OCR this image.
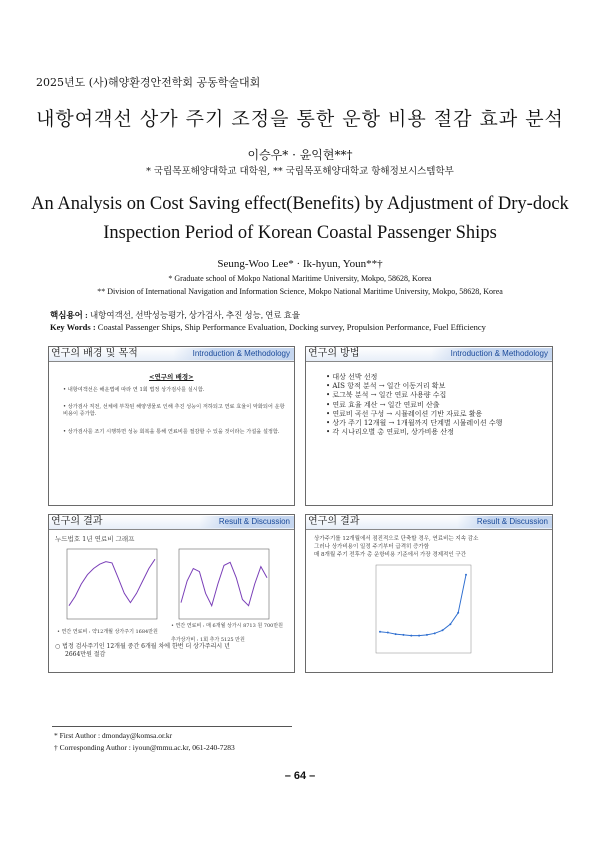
2025년도 (사)해양환경안전학회 공동학술대회
내항여객선 상가 주기 조정을 통한 운항 비용 절감 효과 분석
이승우* · 윤익현**†
* 국립목포해양대학교 대학원, ** 국립목포해양대학교 항해정보시스템학부
An Analysis on Cost Saving effect(Benefits) by Adjustment of Dry-dock
Inspection Period of Korean Coastal Passenger Ships
Seung-Woo Lee* · Ik-hyun, Youn**†
* Graduate school of Mokpo National Maritime University, Mokpo, 58628, Korea
** Division of International Navigation and Information Science, Mokpo National Maritime University, Mokpo, 58628, Korea
핵심용어 : 내항여객선, 선박성능평가, 상가검사, 추진 성능, 연료 효율
Key Words : Coastal Passenger Ships, Ship Performance Evaluation, Docking survey, Propulsion Performance, Fuel Efficiency
연구의 배경 및 목적	Introduction & Methodology
<연구의 배경>
• 내항여객선은 해운법에 따라 연 1회 법정 상가검사를 실시함.
• 상가검사 직전, 선체에 부착된 해양생물로 인해 추진 성능이 저하되고 연료 효율이 악화되어 운항비용이 증가함.
• 상가검사를 조기 시행하면 성능 회복을 통해 연료비를 절감할 수 있을 것이라는 가설을 설정함.
연구의 방법	Introduction & Methodology
• 대상 선박 선정
• AIS 항적 분석 → 일간 이동거리 확보
• 로그북 분석 → 일간 연료 사용량 수집
• 연료 효율 계산 → 일간 연료비 산출
• 연료비 곡선 구성 → 시뮬레이션 기반 자료로 활용
• 상가 주기 12개월 → 1개월까지 단계별 시뮬레이션 수행
• 각 시나리오별 총 연료비, 상가비용 산정
연구의 결과	Result & Discussion
누드법호 1년 연료비 그래프
• 연간 연료비 : 약12개월 상가주기 1684만원
• 연간 연료비 : 매 6개월 상가시 8713 원 700만원
추가상가비 : 1회 추가 5125 만원
○ 법정 검사주기인 12개월 중간 6개월 차에 한번 더 상가주리시 년
2664만원 절감
연구의 결과	Result & Discussion
상가주기를 12개월에서 점진적으로 단축할 경우, 연료비는 지속 감소
그러나 상가비용이 일정 주기부터 급격히 증가함
매 8개월 주기 전후가 총 운항비용 기준에서 가장 경제적인 구간
* First Author : dmonday@komsa.or.kr
† Corresponding Author : iyoun@mmu.ac.kr, 061-240-7283
– 64 –
